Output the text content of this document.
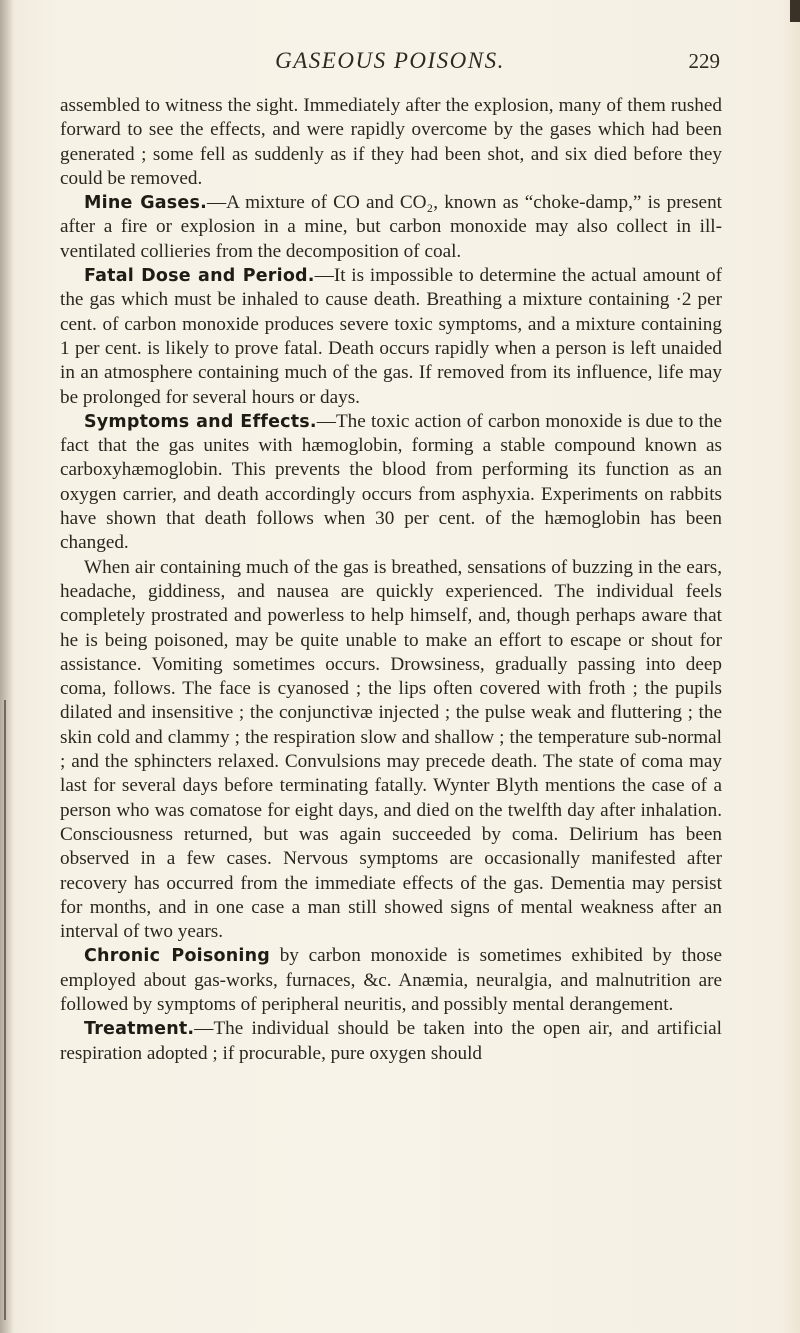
GASEOUS POISONS.	229

assembled to witness the sight. Immediately after the explosion, many of them rushed forward to see the effects, and were rapidly overcome by the gases which had been generated ; some fell as suddenly as if they had been shot, and six died before they could be removed.

Mine Gases.—A mixture of CO and CO₂, known as “choke-damp,” is present after a fire or explosion in a mine, but carbon monoxide may also collect in ill-ventilated collieries from the decomposition of coal.

Fatal Dose and Period.—It is impossible to determine the actual amount of the gas which must be inhaled to cause death. Breathing a mixture containing ·2 per cent. of carbon monoxide produces severe toxic symptoms, and a mixture containing 1 per cent. is likely to prove fatal. Death occurs rapidly when a person is left unaided in an atmosphere containing much of the gas. If removed from its influence, life may be prolonged for several hours or days.

Symptoms and Effects.—The toxic action of carbon monoxide is due to the fact that the gas unites with hæmoglobin, forming a stable compound known as carboxyhæmoglobin. This prevents the blood from performing its function as an oxygen carrier, and death accordingly occurs from asphyxia. Experiments on rabbits have shown that death follows when 30 per cent. of the hæmoglobin has been changed.

When air containing much of the gas is breathed, sensations of buzzing in the ears, headache, giddiness, and nausea are quickly experienced. The individual feels completely prostrated and powerless to help himself, and, though perhaps aware that he is being poisoned, may be quite unable to make an effort to escape or shout for assistance. Vomiting sometimes occurs. Drowsiness, gradually passing into deep coma, follows. The face is cyanosed ; the lips often covered with froth ; the pupils dilated and insensitive ; the conjunctivæ injected ; the pulse weak and fluttering ; the skin cold and clammy ; the respiration slow and shallow ; the temperature sub-normal ; and the sphincters relaxed. Convulsions may precede death. The state of coma may last for several days before terminating fatally. Wynter Blyth mentions the case of a person who was comatose for eight days, and died on the twelfth day after inhalation. Consciousness returned, but was again succeeded by coma. Delirium has been observed in a few cases. Nervous symptoms are occasionally manifested after recovery has occurred from the immediate effects of the gas. Dementia may persist for months, and in one case a man still showed signs of mental weakness after an interval of two years.

Chronic Poisoning by carbon monoxide is sometimes exhibited by those employed about gas-works, furnaces, &c. Anæmia, neuralgia, and malnutrition are followed by symptoms of peripheral neuritis, and possibly mental derangement.

Treatment.—The individual should be taken into the open air, and artificial respiration adopted ; if procurable, pure oxygen should
